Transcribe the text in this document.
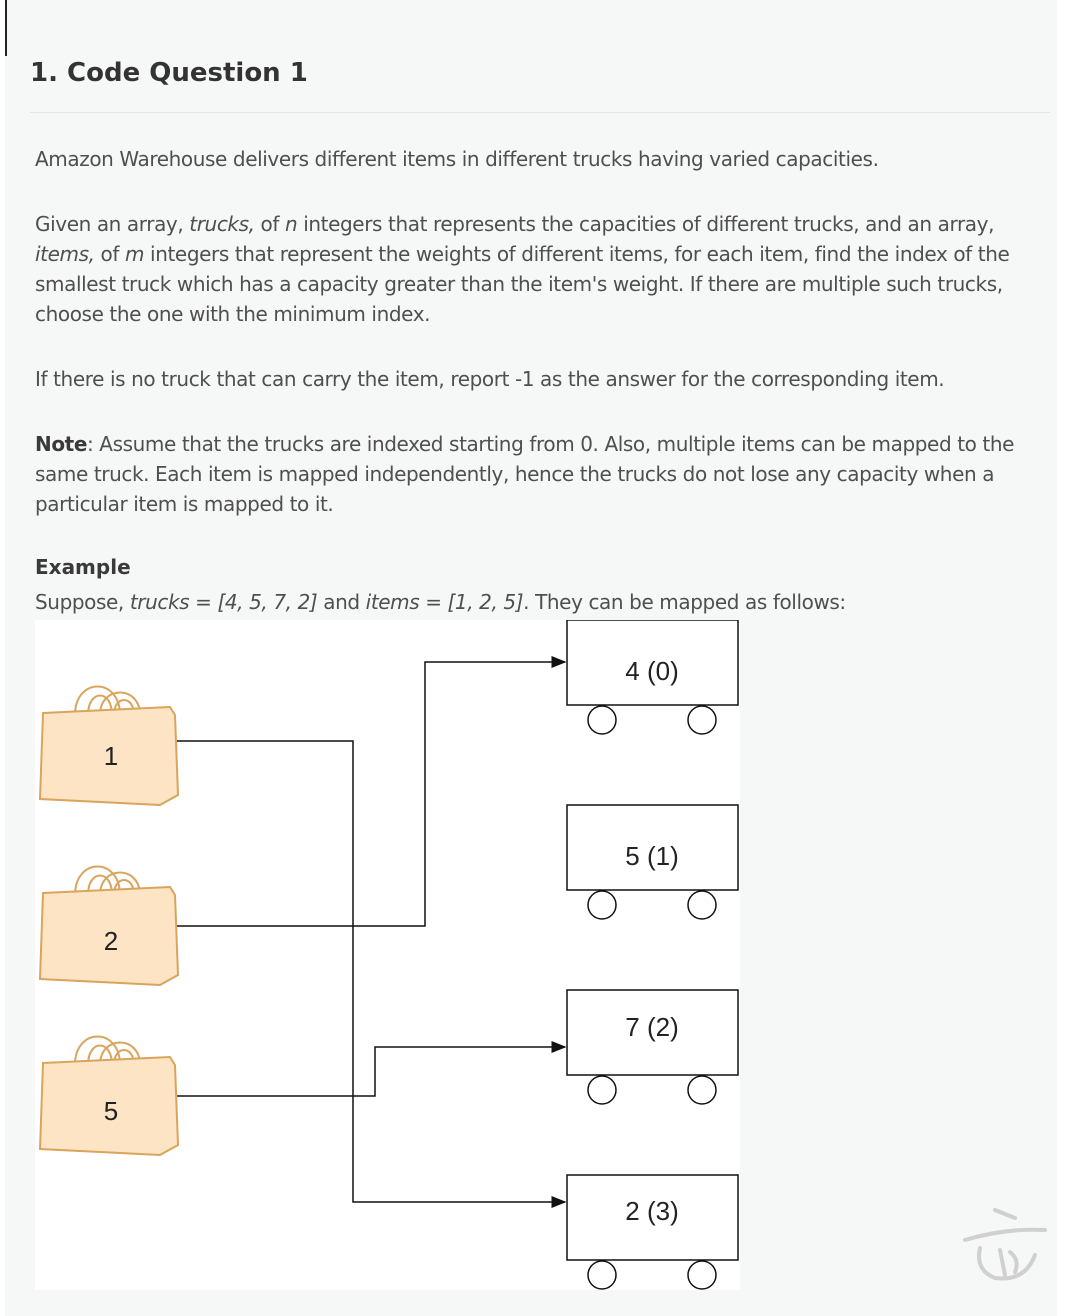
1. Code Question 1

Amazon Warehouse delivers different items in different trucks having varied capacities.

Given an array, trucks, of n integers that represents the capacities of different trucks, and an array, items, of m integers that represent the weights of different items, for each item, find the index of the smallest truck which has a capacity greater than the item's weight. If there are multiple such trucks, choose the one with the minimum index.

If there is no truck that can carry the item, report -1 as the answer for the corresponding item.

Note: Assume that the trucks are indexed starting from 0. Also, multiple items can be mapped to the same truck. Each item is mapped independently, hence the trucks do not lose any capacity when a particular item is mapped to it.

Example

Suppose, trucks = [4, 5, 7, 2] and items = [1, 2, 5]. They can be mapped as follows:

1
2
5
4 (0)
5 (1)
7 (2)
2 (3)
